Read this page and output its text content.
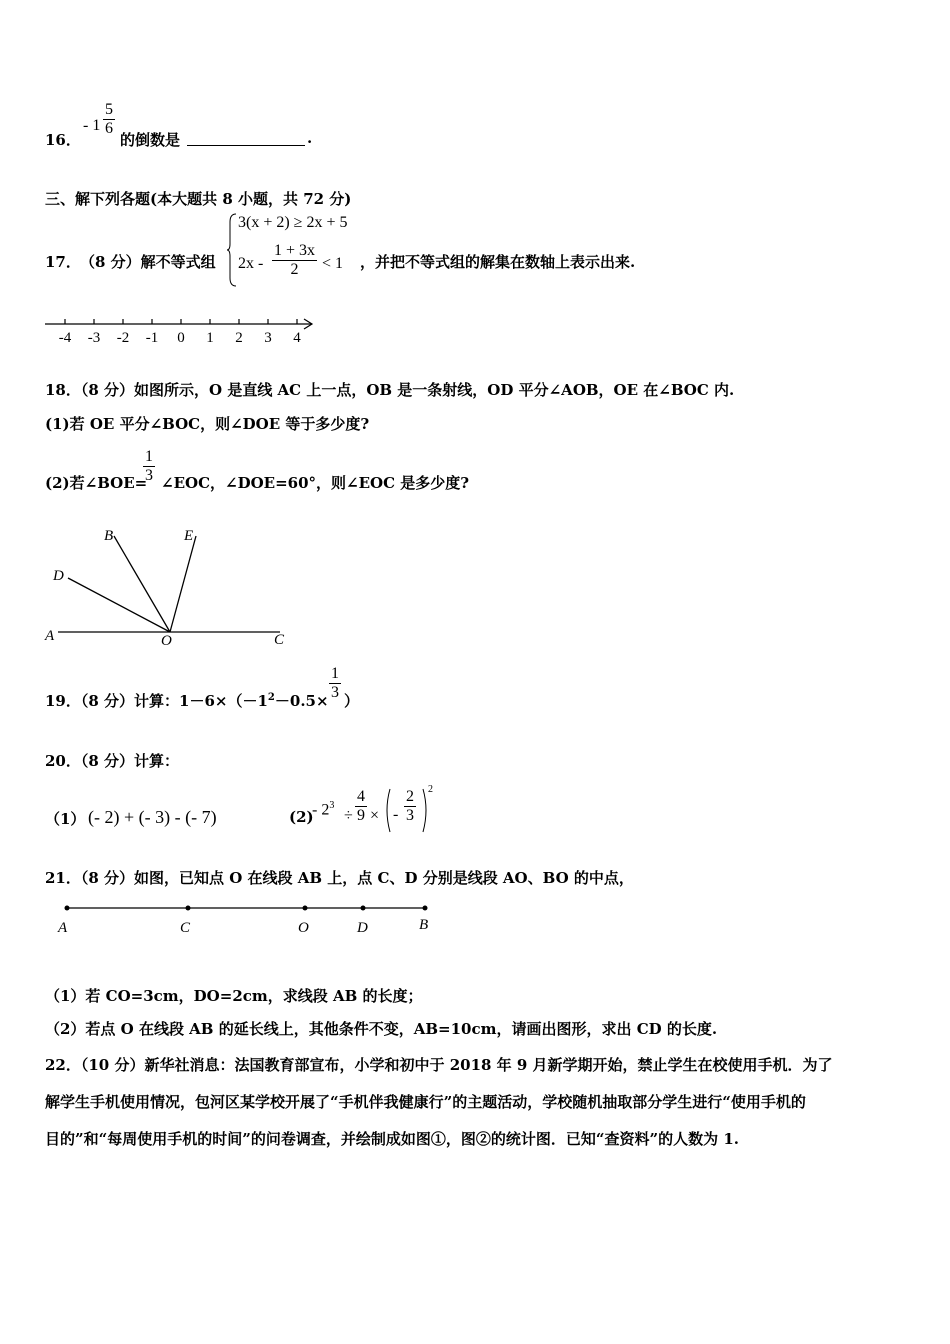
16．
- $1 \frac{5}{6}$
的倒数是	.
三、解下列各题(本大题共 8 小题，共 72 分)
17． （8 分）解不等式组
3(x + 2) ≥ 2x + 5
$2x - \frac{1 + 3x}{2} < 1$ ，并把不等式组的解集在数轴上表示出来.
-4 -3 -2 -1 0 1 2 3 4
18．（8 分）如图所示，O 是直线 AC 上一点，OB 是一条射线，OD 平分∠AOB，OE 在∠BOC 内.
(1)若 OE 平分∠BOC，则∠DOE 等于多少度?
(2)若∠BOE=
$\frac{1}{3}$ ∠EOC，∠DOE=60°，则∠EOC 是多少度?
B	E
D
A	O	C
19．（8 分）计算：$1-6\times(-1^2-0.5\times \frac{1}{3}$ ）
20．（8 分）计算：
（1） (- 2) + (- 3) - (- 7)	(2)
- $2^3$
÷ $\frac{4}{9}$ × - $\frac{2}{3} 2$
21．（8 分）如图，已知点 O 在线段 AB 上，点 C、D 分别是线段 AO、BO 的中点，
A	C	O	D	B
（1）若 CO=3cm，DO=2cm，求线段 AB 的长度；
（2）若点 O 在线段 AB 的延长线上，其他条件不变，AB=10cm，请画出图形，求出 CD 的长度.
22．（10 分）新华社消息：法国教育部宣布，小学和初中于 2018 年 9 月新学期开始，禁止学生在校使用手机．为了
解学生手机使用情况，包河区某学校开展了“手机伴我健康行”的主题活动，学校随机抽取部分学生进行“使用手机的
目的”和“每周使用手机的时间”的问卷调查，并绘制成如图①，图②的统计图．已知“查资料”的人数为 1.
